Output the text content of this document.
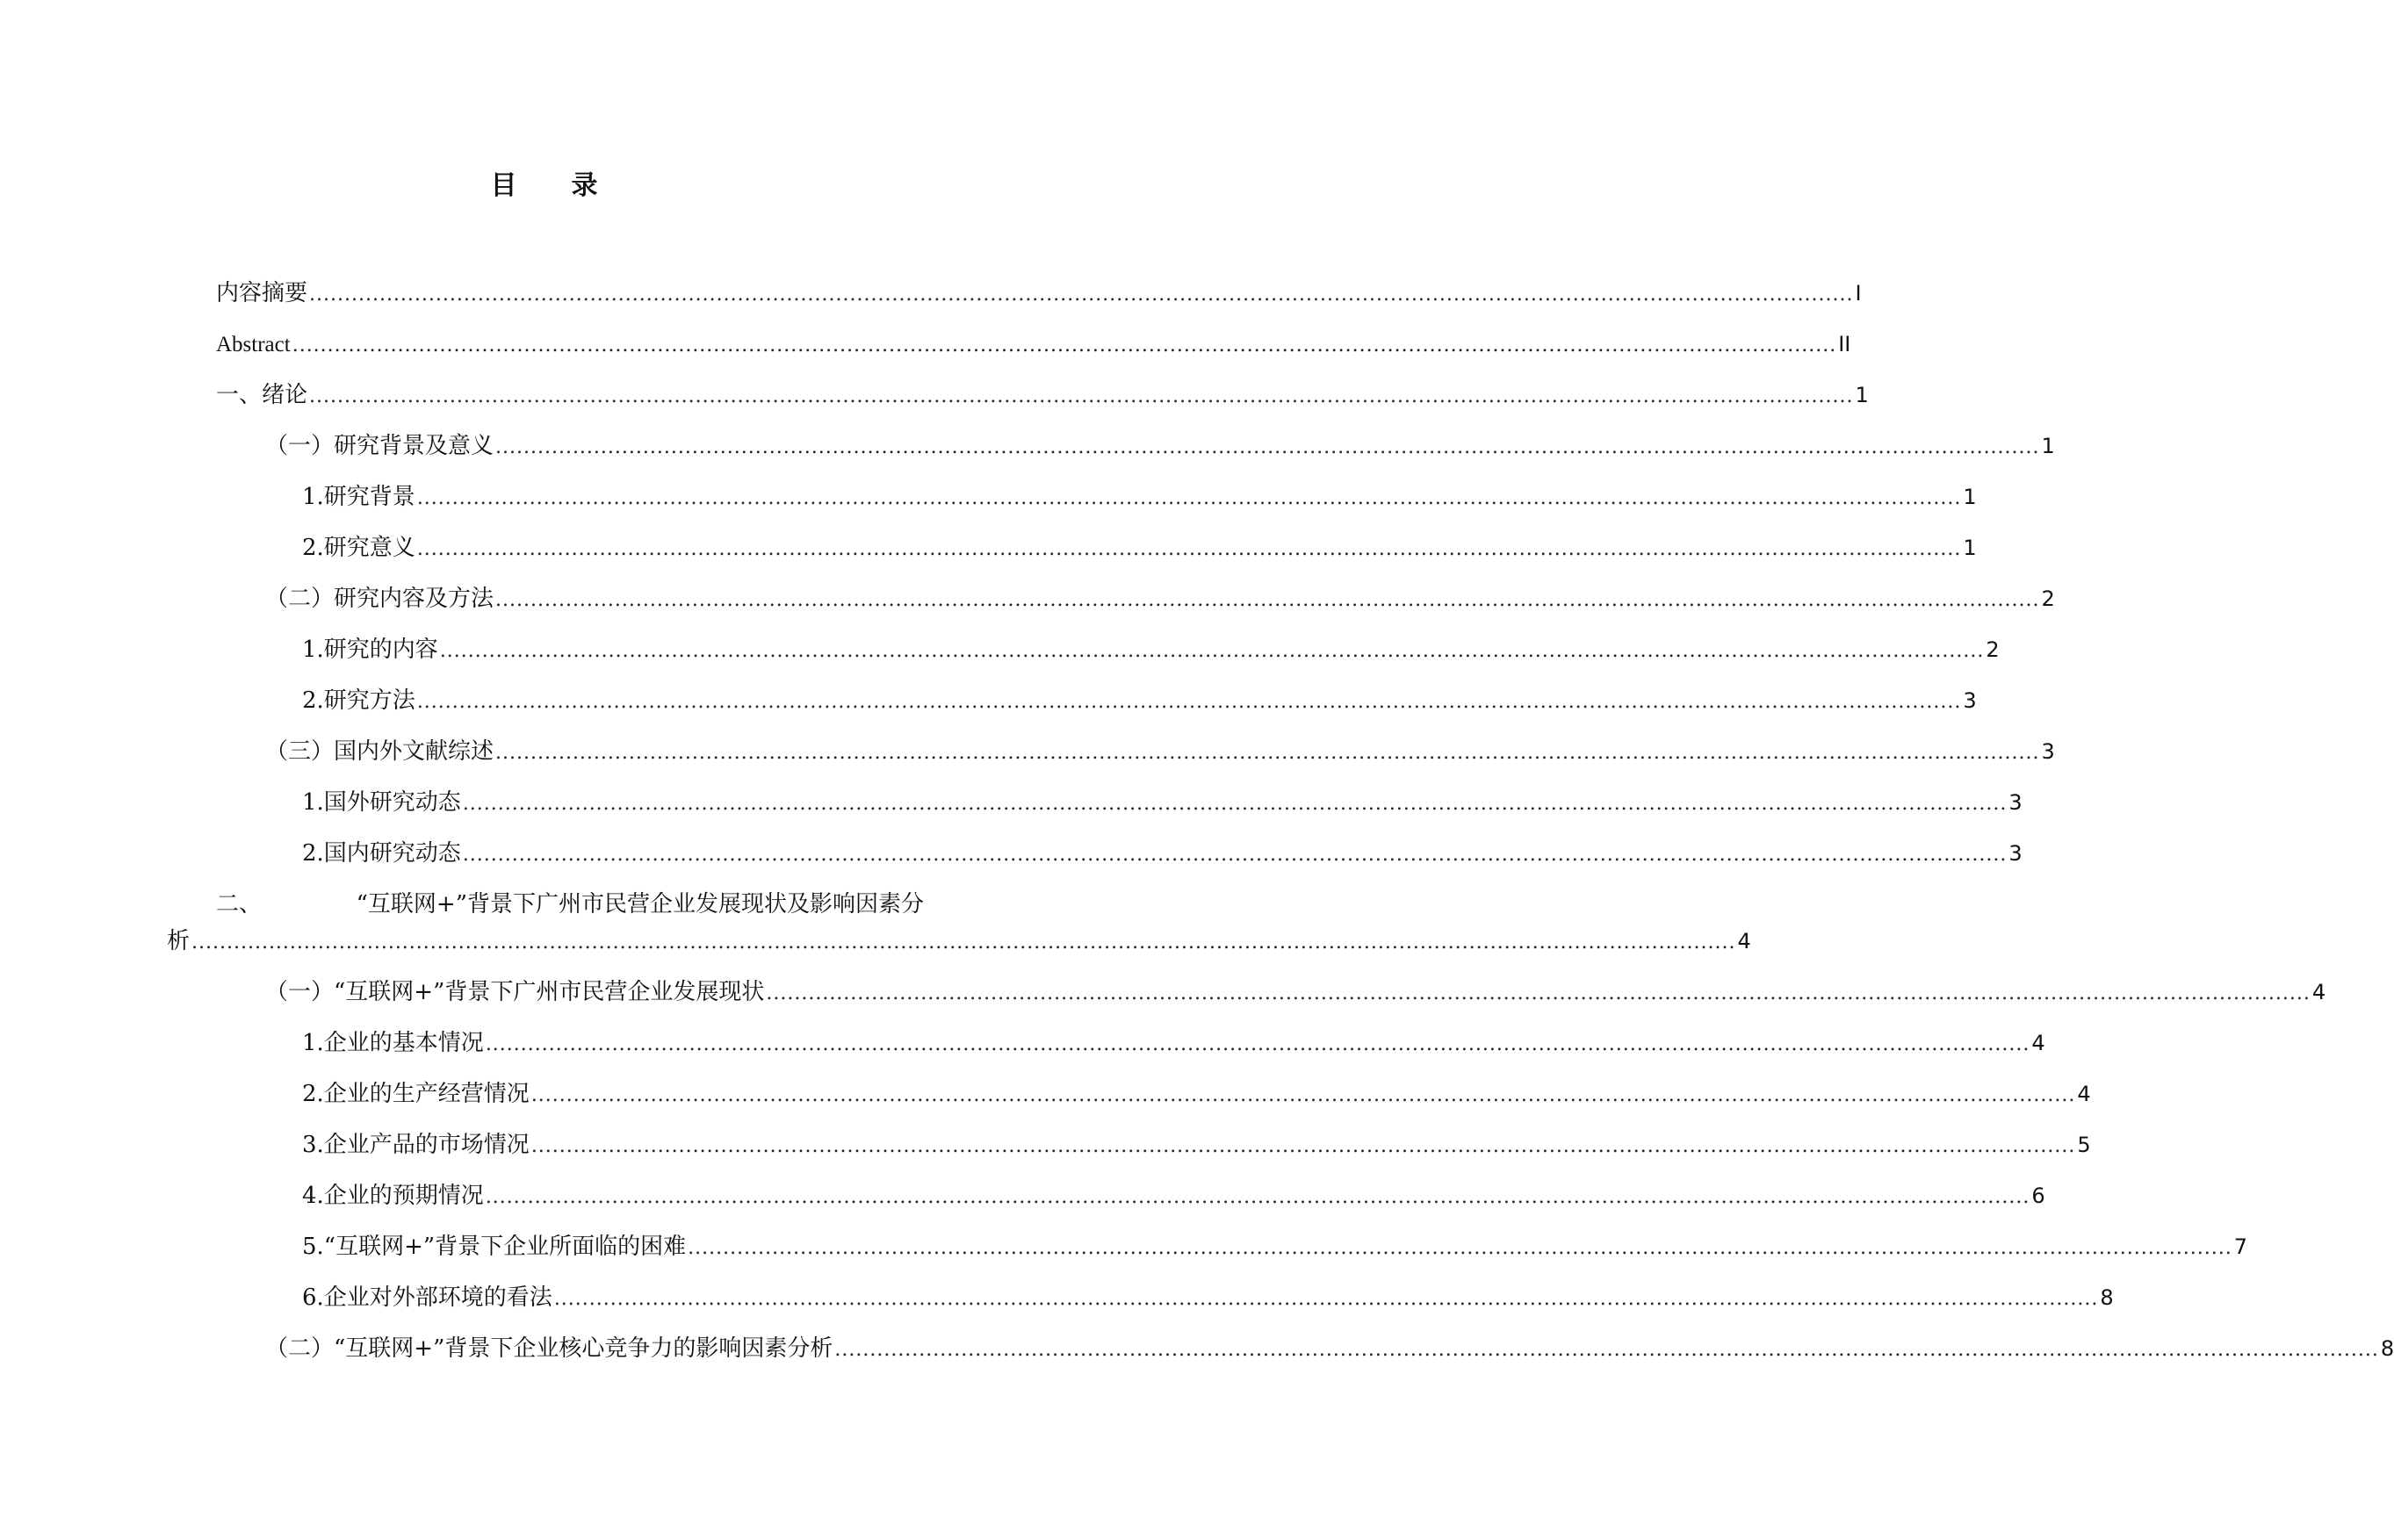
目 录
内容摘要 ............................................................................................................................................................................................................................ I
Abstract ............................................................................................................................................................................................................................ II
一、绪论 ............................................................................................................................................................................................................................ 1
（一）研究背景及意义 ............................................................................................................................................................................................................................ 1
1.研究背景 ............................................................................................................................................................................................................................ 1
2.研究意义 ............................................................................................................................................................................................................................ 1
（二）研究内容及方法 ............................................................................................................................................................................................................................ 2
1.研究的内容 ............................................................................................................................................................................................................................ 2
2.研究方法 ............................................................................................................................................................................................................................ 3
（三）国内外文献综述 ............................................................................................................................................................................................................................ 3
1.国外研究动态 ............................................................................................................................................................................................................................ 3
2.国内研究动态 ............................................................................................................................................................................................................................ 3
二、	“互联网+”背景下广州市民营企业发展现状及影响因素分
析 ............................................................................................................................................................................................................................ 4
（一）“互联网+”背景下广州市民营企业发展现状 ............................................................................................................................................................................................................................ 4
1.企业的基本情况 ............................................................................................................................................................................................................................ 4
2.企业的生产经营情况 ............................................................................................................................................................................................................................ 4
3.企业产品的市场情况 ............................................................................................................................................................................................................................ 5
4.企业的预期情况 ............................................................................................................................................................................................................................ 6
5.“互联网+”背景下企业所面临的困难 ............................................................................................................................................................................................................................ 7
6.企业对外部环境的看法 ............................................................................................................................................................................................................................ 8
（二）“互联网+”背景下企业核心竞争力的影响因素分析 ............................................................................................................................................................................................................................ 8
